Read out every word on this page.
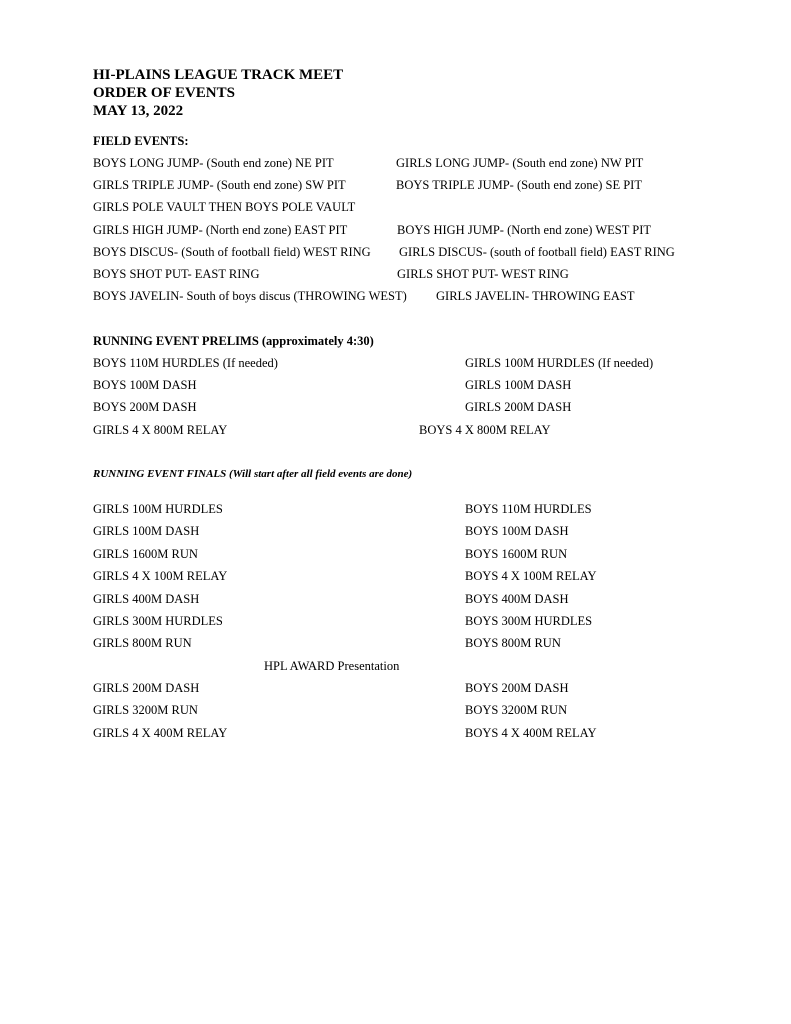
HI-PLAINS LEAGUE TRACK MEET
ORDER OF EVENTS
MAY 13, 2022
FIELD EVENTS:
BOYS LONG JUMP- (South end zone) NE PIT	GIRLS LONG JUMP- (South end zone) NW PIT
GIRLS TRIPLE JUMP- (South end zone) SW PIT	BOYS TRIPLE JUMP- (South end zone) SE PIT
GIRLS POLE VAULT THEN BOYS POLE VAULT
GIRLS HIGH JUMP- (North end zone) EAST PIT	BOYS HIGH JUMP- (North end zone) WEST PIT
BOYS DISCUS- (South of football field) WEST RING GIRLS DISCUS- (south of football field) EAST RING
BOYS SHOT PUT- EAST RING	GIRLS SHOT PUT- WEST RING
BOYS JAVELIN- South of boys discus (THROWING WEST) GIRLS JAVELIN- THROWING EAST
RUNNING EVENT PRELIMS (approximately 4:30)
BOYS 110M HURDLES (If needed)	GIRLS 100M HURDLES (If needed)
BOYS 100M DASH	GIRLS 100M DASH
BOYS 200M DASH	GIRLS 200M DASH
GIRLS 4 X 800M RELAY	BOYS 4 X 800M RELAY
RUNNING EVENT FINALS (Will start after all field events are done)
GIRLS 100M HURDLES	BOYS 110M HURDLES
GIRLS 100M DASH	BOYS 100M DASH
GIRLS 1600M RUN	BOYS 1600M RUN
GIRLS 4 X 100M RELAY	BOYS 4 X 100M RELAY
GIRLS 400M DASH	BOYS 400M DASH
GIRLS 300M HURDLES	BOYS 300M HURDLES
GIRLS 800M RUN	BOYS 800M RUN
HPL AWARD Presentation
GIRLS 200M DASH	BOYS 200M DASH
GIRLS 3200M RUN	BOYS 3200M RUN
GIRLS 4 X 400M RELAY	BOYS 4 X 400M RELAY
